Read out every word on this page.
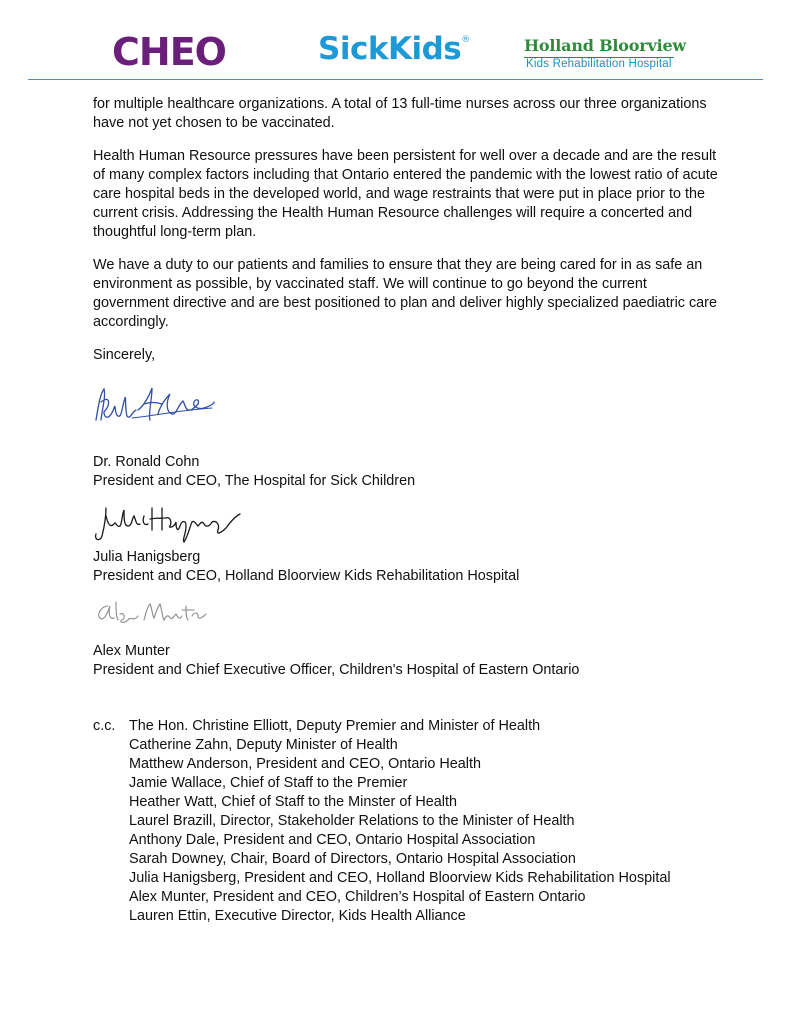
CHEO	SickKids®	Holland Bloorview
Kids Rehabilitation Hospital

for multiple healthcare organizations. A total of 13 full-time nurses across our three organizations have not yet chosen to be vaccinated.

Health Human Resource pressures have been persistent for well over a decade and are the result of many complex factors including that Ontario entered the pandemic with the lowest ratio of acute care hospital beds in the developed world, and wage restraints that were put in place prior to the current crisis. Addressing the Health Human Resource challenges will require a concerted and thoughtful long-term plan.

We have a duty to our patients and families to ensure that they are being cared for in as safe an environment as possible, by vaccinated staff. We will continue to go beyond the current government directive and are best positioned to plan and deliver highly specialized paediatric care accordingly.

Sincerely,
Dr. Ronald Cohn
President and CEO, The Hospital for Sick Children
Julia Hanigsberg
President and CEO, Holland Bloorview Kids Rehabilitation Hospital
Alex Munter
President and Chief Executive Officer, Children's Hospital of Eastern Ontario
c.c. The Hon. Christine Elliott, Deputy Premier and Minister of Health
Catherine Zahn, Deputy Minister of Health
Matthew Anderson, President and CEO, Ontario Health
Jamie Wallace, Chief of Staff to the Premier
Heather Watt, Chief of Staff to the Minster of Health
Laurel Brazill, Director, Stakeholder Relations to the Minister of Health
Anthony Dale, President and CEO, Ontario Hospital Association
Sarah Downey, Chair, Board of Directors, Ontario Hospital Association
Julia Hanigsberg, President and CEO, Holland Bloorview Kids Rehabilitation Hospital
Alex Munter, President and CEO, Children’s Hospital of Eastern Ontario
Lauren Ettin, Executive Director, Kids Health Alliance
